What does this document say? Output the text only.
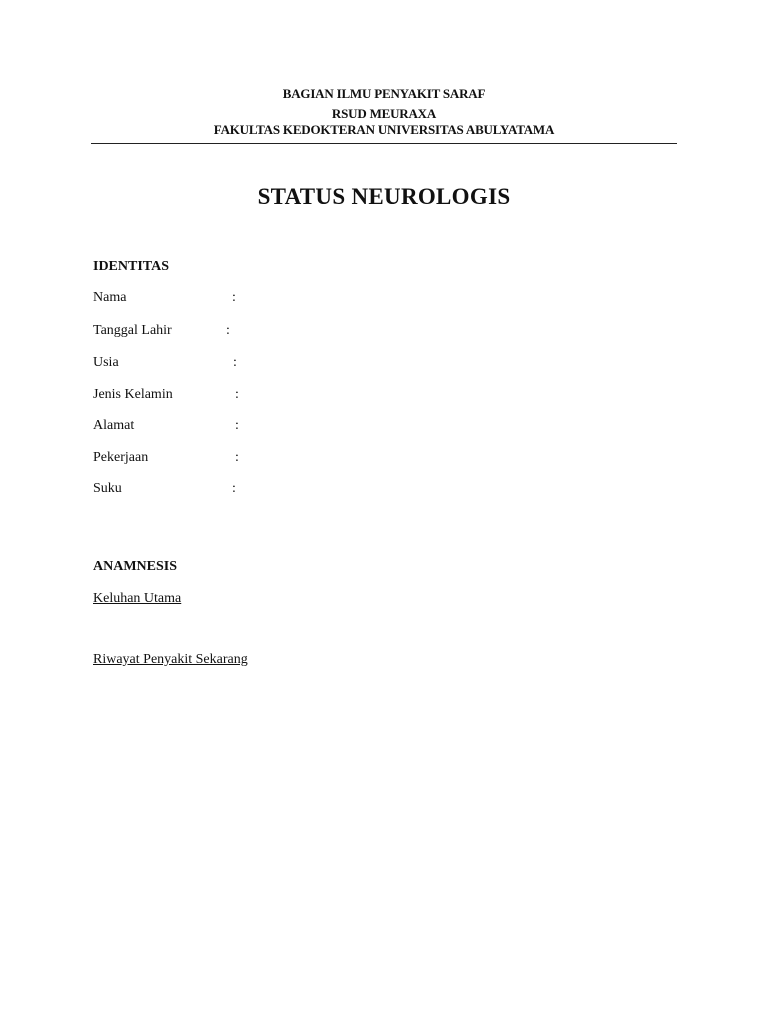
BAGIAN ILMU PENYAKIT SARAF
RSUD MEURAXA
FAKULTAS KEDOKTERAN UNIVERSITAS ABULYATAMA
STATUS NEUROLOGIS
IDENTITAS
Nama	:
Tanggal Lahir	:
Usia	:
Jenis Kelamin	:
Alamat	:
Pekerjaan	:
Suku	:
ANAMNESIS
Keluhan Utama
Riwayat Penyakit Sekarang
